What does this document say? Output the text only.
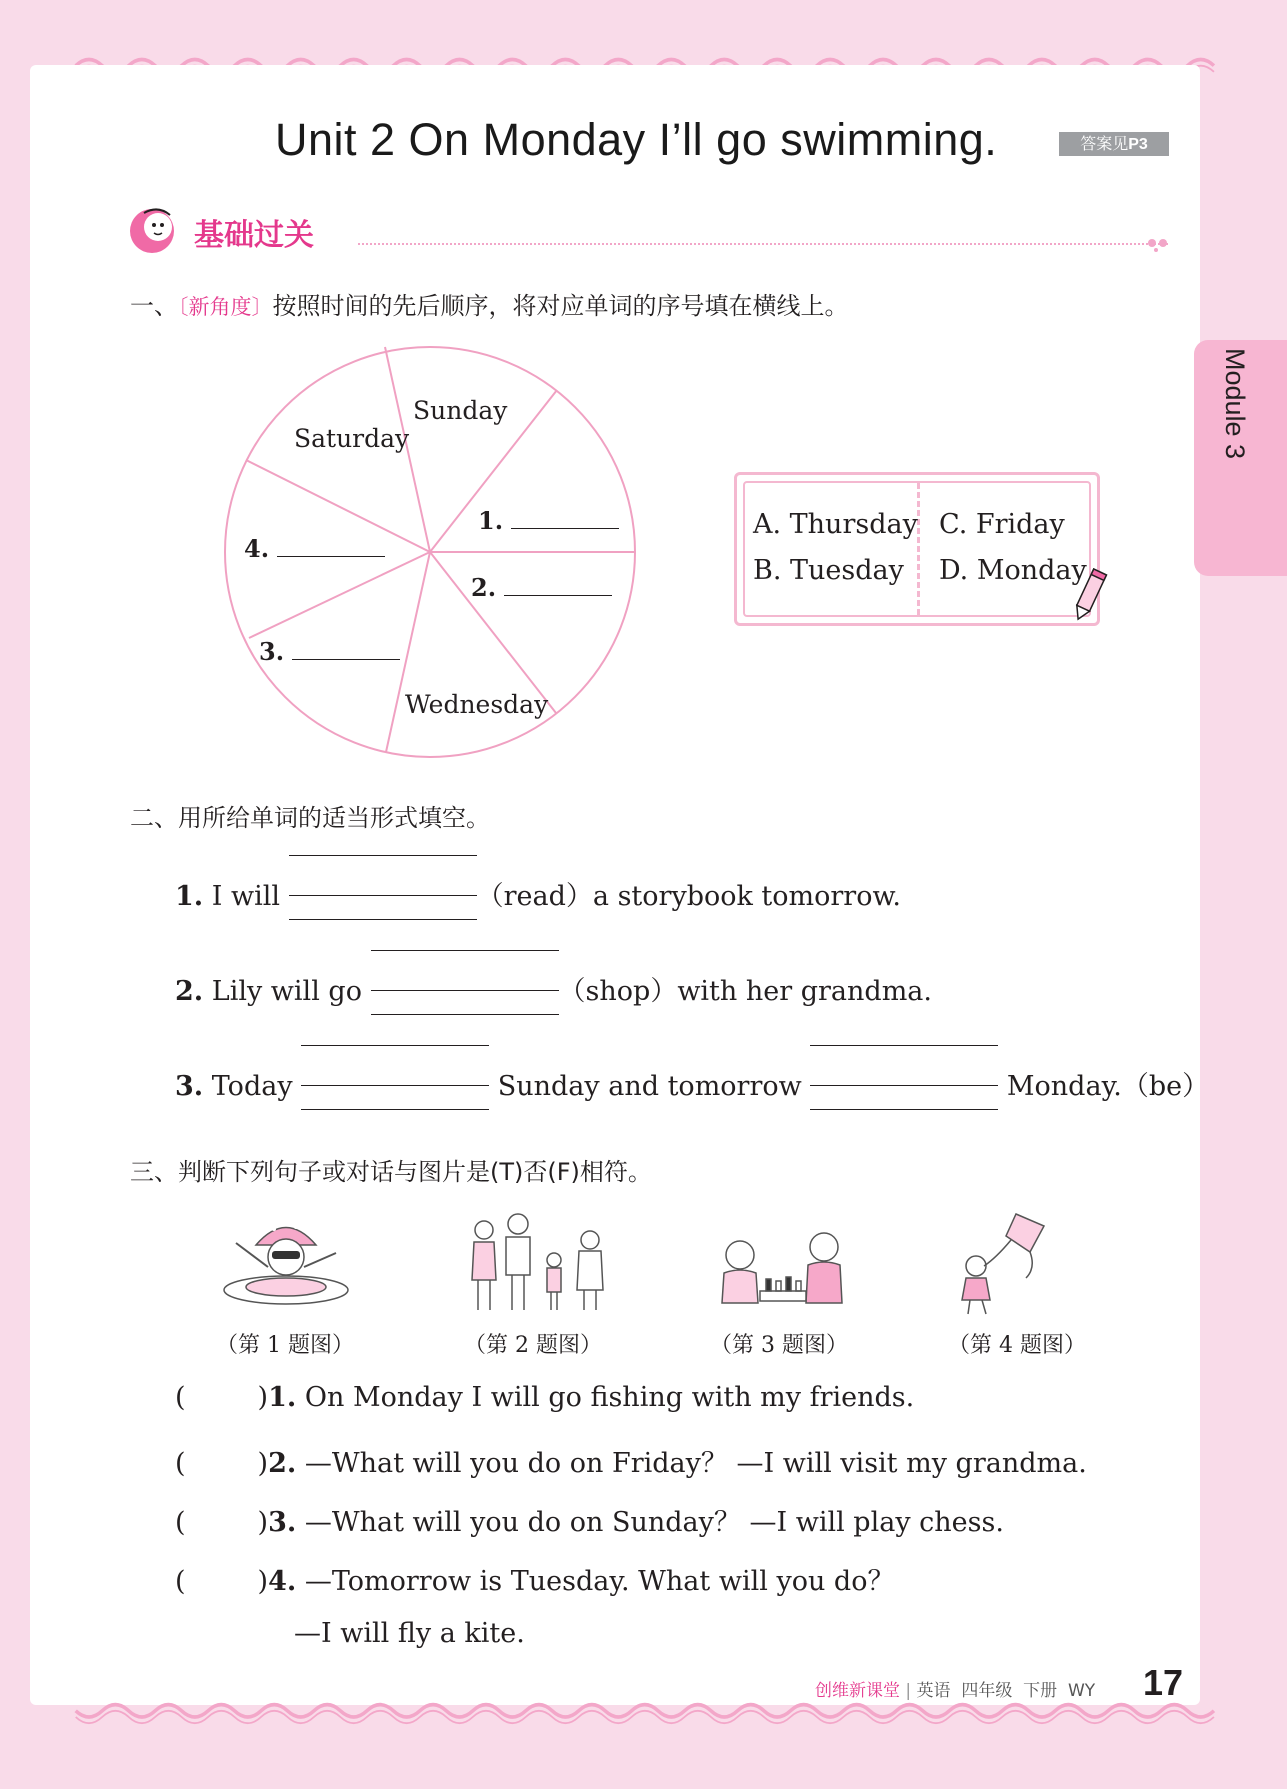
Unit 2 On Monday I’ll go swimming.	答案见P3
基础过关
Module 3
一、〔新角度〕按照时间的先后顺序，将对应单词的序号填在横线上。
Sunday
Saturday
Wednesday
1.
2.
3.
4.
A. Thursday
B. Tuesday
C. Friday
D. Monday
二、用所给单词的适当形式填空。
1. I will	（read）a storybook tomorrow.
2. Lily will go	（shop）with her grandma.
3. Today	Sunday and tomorrow	Monday.（be）
三、判断下列句子或对话与图片是(T)否(F)相符。
（第 1 题图）	（第 2 题图）	（第 3 题图）	（第 4 题图）
(	)1. On Monday I will go fishing with my friends.
(	)2. —What will you do on Friday？ —I will visit my grandma.
(	)3. —What will you do on Sunday？ —I will play chess.
(	)4. —Tomorrow is Tuesday. What will you do？
—I will fly a kite.
创维新课堂 | 英语 四年级 下册 WY 17
